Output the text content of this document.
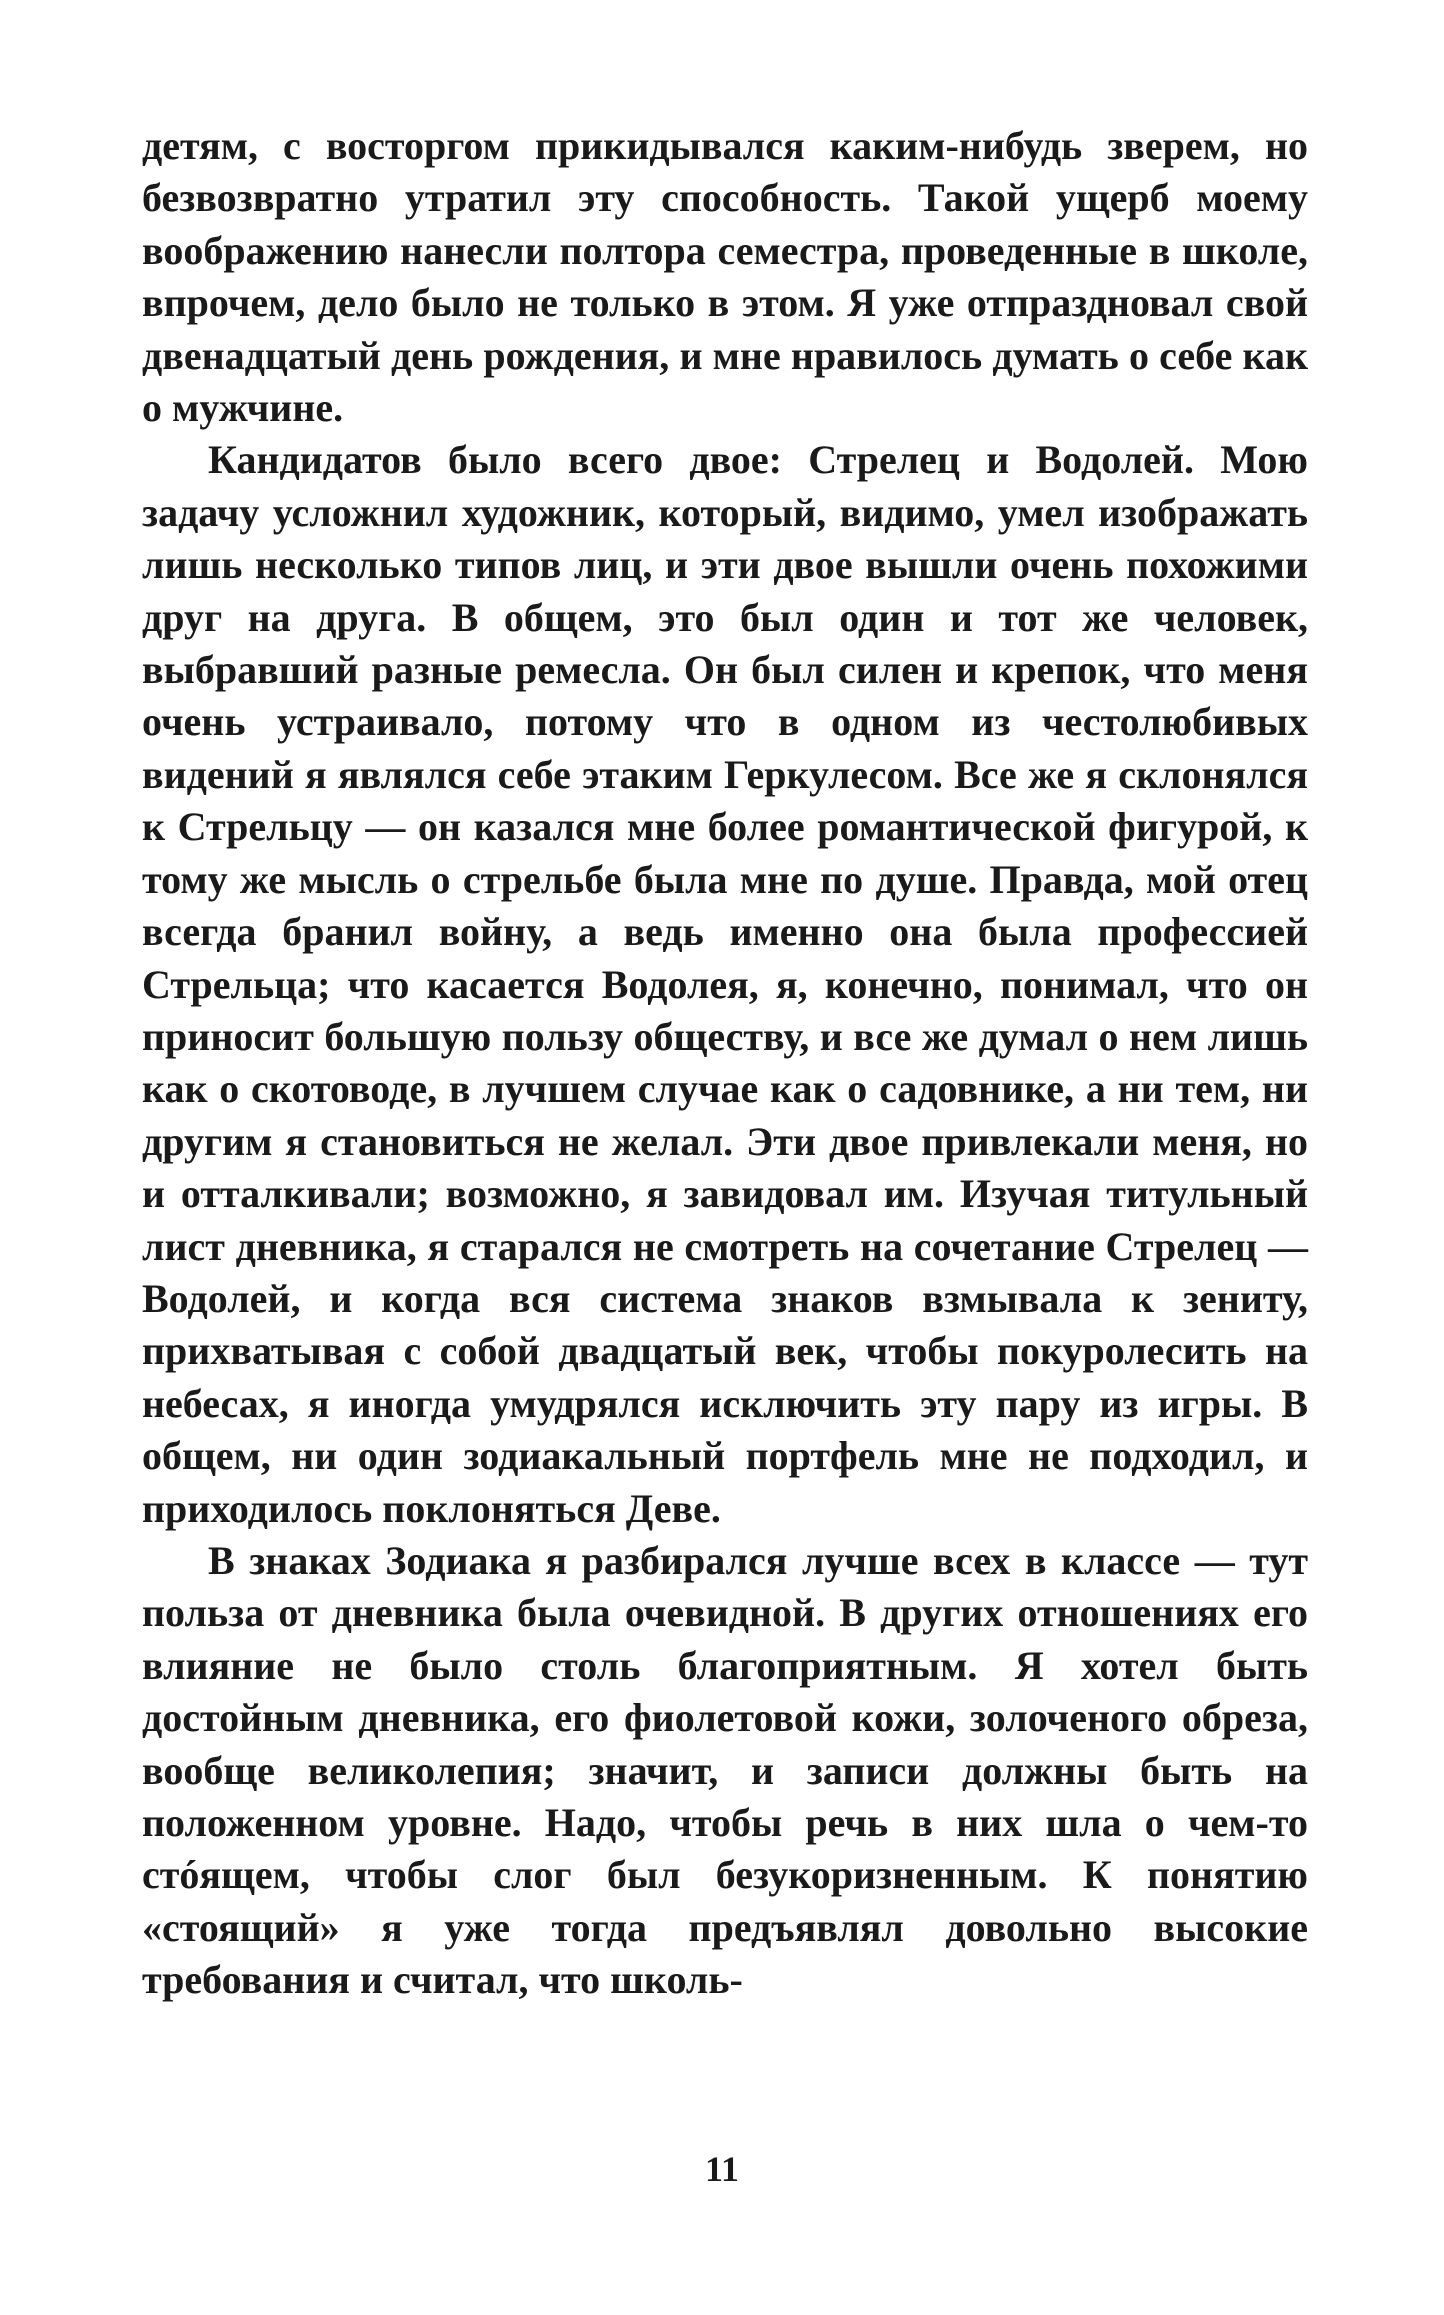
детям, с восторгом прикидывался каким-нибудь зверем, но безвозвратно утратил эту способность. Такой ущерб моему воображению нанесли полтора семестра, проведенные в школе, впрочем, дело было не только в этом. Я уже отпраздновал свой двенадцатый день рождения, и мне нравилось думать о себе как о мужчине.

Кандидатов было всего двое: Стрелец и Водолей. Мою задачу усложнил художник, который, видимо, умел изображать лишь несколько типов лиц, и эти двое вышли очень похожими друг на друга. В общем, это был один и тот же человек, выбравший разные ремесла. Он был силен и крепок, что меня очень устраивало, потому что в одном из честолюбивых видений я являлся себе этаким Геркулесом. Все же я склонялся к Стрельцу — он казался мне более романтической фигурой, к тому же мысль о стрельбе была мне по душе. Правда, мой отец всегда бранил войну, а ведь именно она была профессией Стрельца; что касается Водолея, я, конечно, понимал, что он приносит большую пользу обществу, и все же думал о нем лишь как о скотоводе, в лучшем случае как о садовнике, а ни тем, ни другим я становиться не желал. Эти двое привлекали меня, но и отталкивали; возможно, я завидовал им. Изучая титульный лист дневника, я старался не смотреть на сочетание Стрелец — Водолей, и когда вся система знаков взмывала к зениту, прихватывая с собой двадцатый век, чтобы покуролесить на небесах, я иногда умудрялся исключить эту пару из игры. В общем, ни один зодиакальный портфель мне не подходил, и приходилось поклоняться Деве.

В знаках Зодиака я разбирался лучше всех в классе — тут польза от дневника была очевидной. В других отношениях его влияние не было столь благоприятным. Я хотел быть достойным дневника, его фиолетовой кожи, золоченого обреза, вообще великолепия; значит, и записи должны быть на положенном уровне. Надо, чтобы речь в них шла о чем-то стóящем, чтобы слог был безукоризненным. К понятию «стоящий» я уже тогда предъявлял довольно высокие требования и считал, что школь-

11
